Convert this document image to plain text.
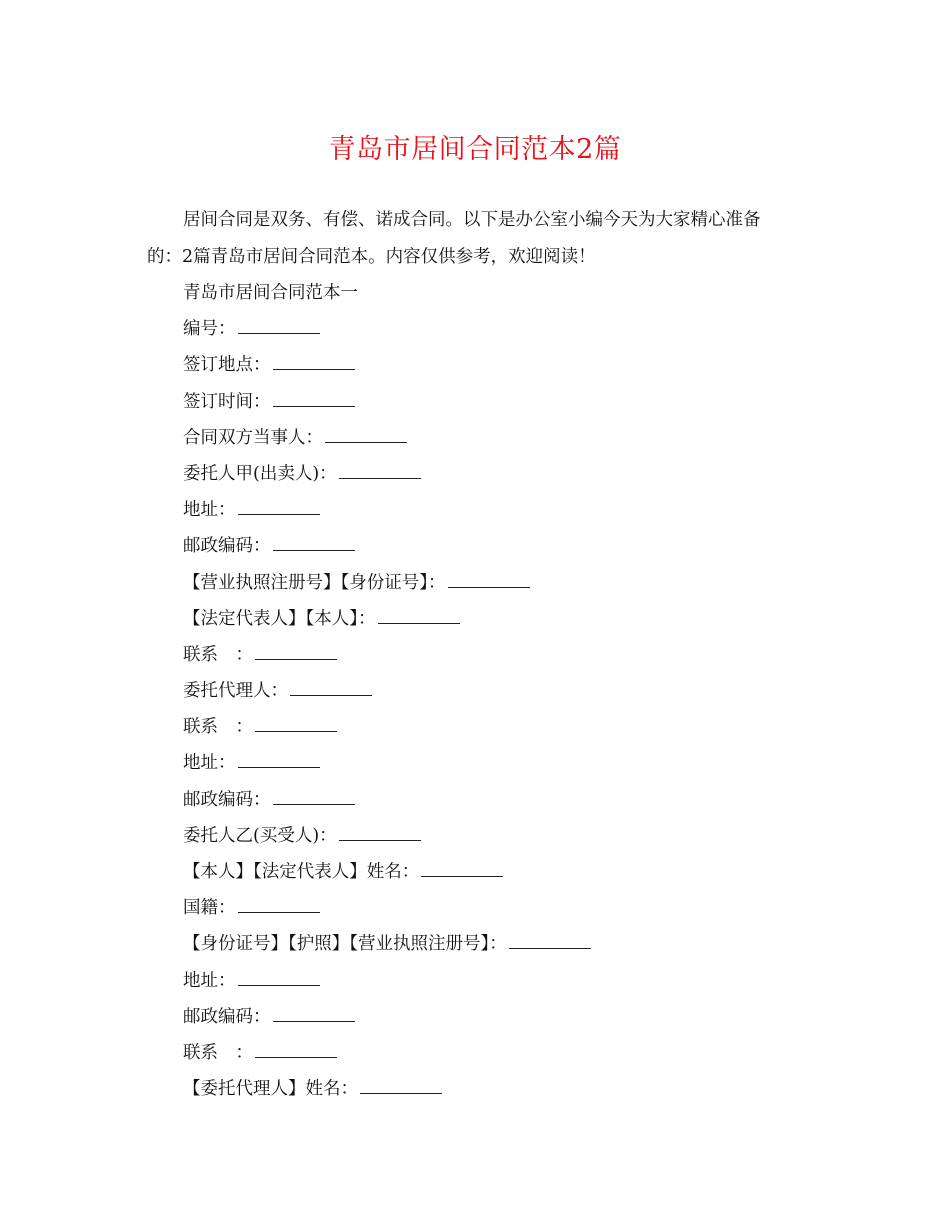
青岛市居间合同范本2篇
居间合同是双务、有偿、诺成合同。以下是办公室小编今天为大家精心准备
的：2篇青岛市居间合同范本。内容仅供参考，欢迎阅读！
青岛市居间合同范本一
编号：
签订地点：
签订时间：
合同双方当事人：
委托人甲(出卖人)：
地址：
邮政编码：
【营业执照注册号】【身份证号】：
【法定代表人】【本人】：
联系　：
委托代理人：
联系　：
地址：
邮政编码：
委托人乙(买受人)：
【本人】【法定代表人】姓名：
国籍：
【身份证号】【护照】【营业执照注册号】：
地址：
邮政编码：
联系　：
【委托代理人】姓名：
